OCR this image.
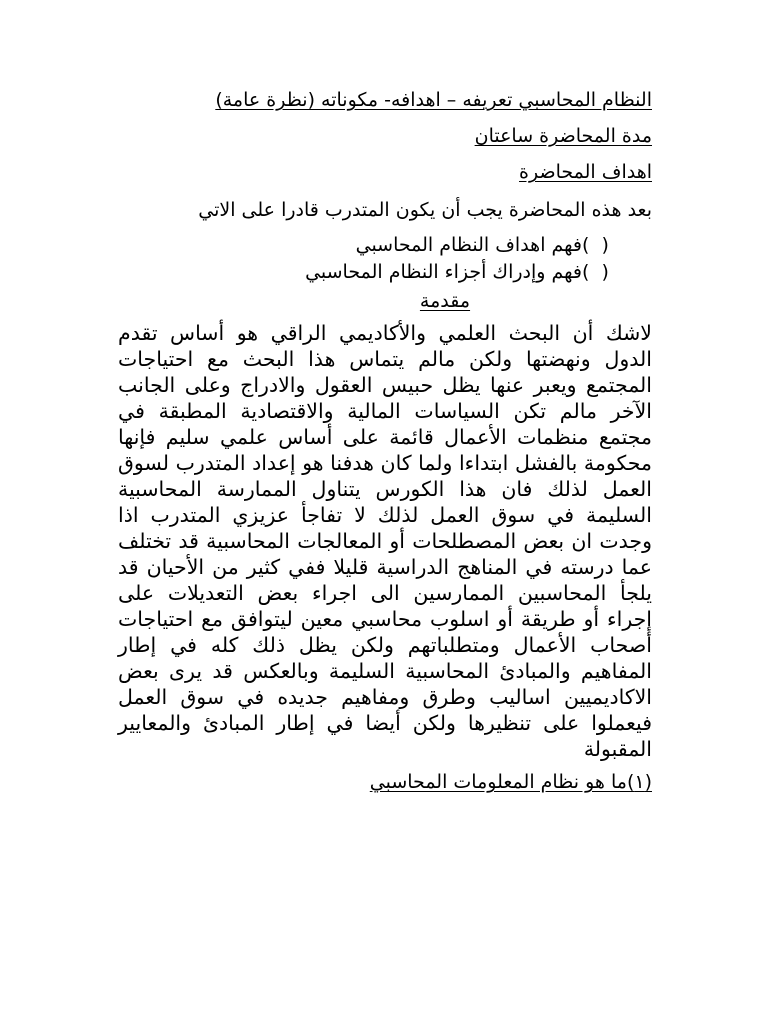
النظام المحاسبي تعريفه – اهدافه- مكوناته (نظرة عامة)

مدة المحاضرة ساعتان

اهداف المحاضرة

بعد هذه المحاضرة يجب أن يكون المتدرب قادرا على الاتي

(  )
فهم اهداف النظام المحاسبي
(  )
فهم وإدراك أجزاء النظام المحاسبي

مقدمة

لاشك أن البحث العلمي والأكاديمي الراقي هو أساس تقدم الدول ونهضتها ولكن مالم يتماس هذا البحث مع احتياجات المجتمع ويعبر عنها يظل حبيس العقول والادراج وعلى الجانب الآخر مالم تكن السياسات المالية والاقتصادية المطبقة في مجتمع منظمات الأعمال قائمة على أساس علمي سليم فإنها محكومة بالفشل ابتداءا ولما كان هدفنا هو إعداد المتدرب لسوق العمل لذلك فان هذا الكورس يتناول الممارسة المحاسبية السليمة في سوق العمل لذلك لا تفاجأ عزيزي المتدرب اذا وجدت ان بعض المصطلحات أو المعالجات المحاسبية قد تختلف عما درسته في المناهج الدراسية قليلا ففي كثير من الأحيان قد يلجأ المحاسبين الممارسين الى اجراء بعض التعديلات على إجراء أو طريقة أو اسلوب محاسبي معين ليتوافق مع احتياجات أصحاب الأعمال ومتطلباتهم ولكن يظل ذلك كله في إطار المفاهيم والمبادئ المحاسبية السليمة وبالعكس قد يرى بعض الاكاديميين اساليب وطرق ومفاهيم جديده في سوق العمل فيعملوا على تنظيرها ولكن أيضا في إطار المبادئ والمعايير المقبولة

(١)ما هو نظام المعلومات المحاسبي
